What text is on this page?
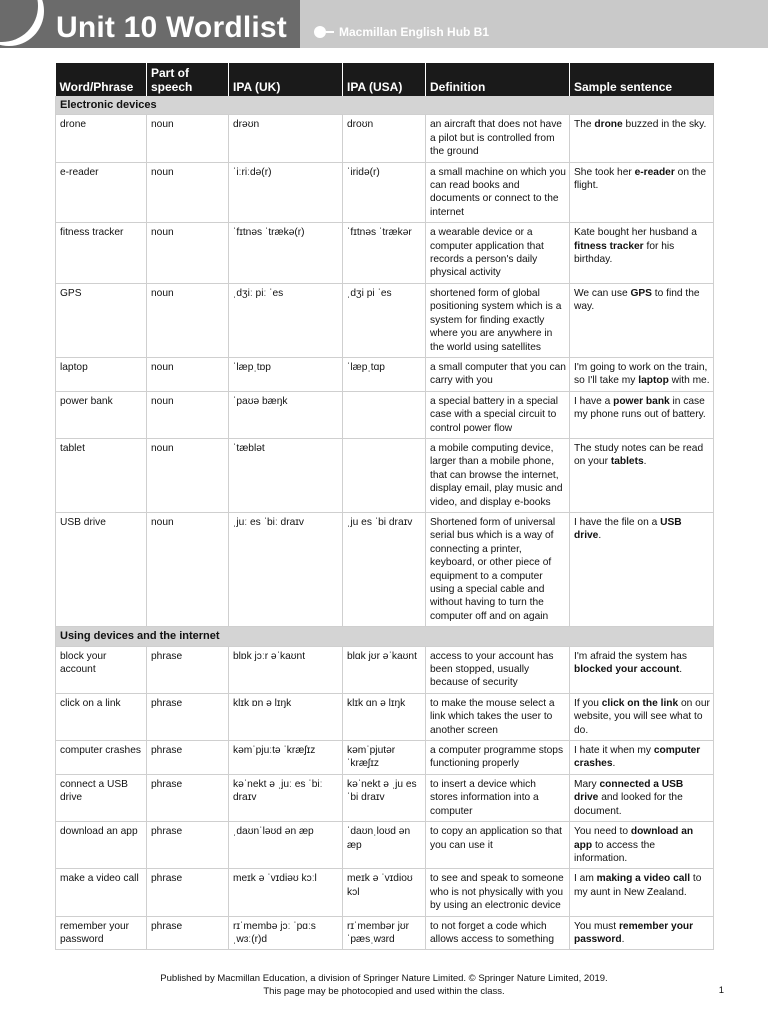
Unit 10 Wordlist	Macmillan English Hub B1
Word/Phrase	Part of speech	IPA (UK)	IPA (USA)	Definition	Sample sentence
Electronic devices					
drone	noun	drəʊn	droʊn	an aircraft that does not have a pilot but is controlled from the ground	The drone buzzed in the sky.
e-reader	noun	ˈiːriːdə(r)	ˈiridə(r)	a small machine on which you can read books and documents or connect to the internet	She took her e-reader on the flight.
fitness tracker	noun	ˈfɪtnəs ˈtrækə(r)	ˈfɪtnəs ˈtrækər	a wearable device or a computer application that records a person's daily physical activity	Kate bought her husband a fitness tracker for his birthday.
GPS	noun	ˌdʒiː piː ˈes	ˌdʒi pi ˈes	shortened form of global positioning system which is a system for finding exactly where you are anywhere in the world using satellites	We can use GPS to find the way.
laptop	noun	ˈlæpˌtɒp	ˈlæpˌtɑp	a small computer that you can carry with you	I'm going to work on the train, so I'll take my laptop with me.
power bank	noun	ˈpaʊə bæŋk		a special battery in a special case with a special circuit to control power flow	I have a power bank in case my phone runs out of battery.
tablet	noun	ˈtæblət		a mobile computing device, larger than a mobile phone, that can browse the internet, display email, play music and video, and display e-books	The study notes can be read on your tablets.
USB drive	noun	ˌjuː es ˈbiː draɪv	ˌju es ˈbi draɪv	Shortened form of universal serial bus which is a way of connecting a printer, keyboard, or other piece of equipment to a computer using a special cable and without having to turn the computer off and on again	I have the file on a USB drive.
Using devices and the internet					
block your account	phrase	blɒk jɔːr əˈkaʊnt	blɑk jʊr əˈkaʊnt	access to your account has been stopped, usually because of security	I'm afraid the system has blocked your account.
click on a link	phrase	klɪk ɒn ə lɪŋk	klɪk ɑn ə lɪŋk	to make the mouse select a link which takes the user to another screen	If you click on the link on our website, you will see what to do.
computer crashes	phrase	kəmˈpjuːtə ˈkræʃɪz	kəmˈpjutər ˈkræʃɪz	a computer programme stops functioning properly	I hate it when my computer crashes.
connect a USB drive	phrase	kəˈnekt ə ˌjuː es ˈbiː draɪv	kəˈnekt ə ˌju es ˈbi draɪv	to insert a device which stores information into a computer	Mary connected a USB drive and looked for the document.
download an app	phrase	ˌdaʊnˈləʊd ən æp	ˈdaʊnˌloʊd ən æp	to copy an application so that you can use it	You need to download an app to access the information.
make a video call	phrase	meɪk ə ˈvɪdiəʊ kɔːl	meɪk ə ˈvɪdioʊ kɔl	to see and speak to someone who is not physically with you by using an electronic device	I am making a video call to my aunt in New Zealand.
remember your password	phrase	rɪˈmembə jɔː ˈpɑːsˌwɜː(r)d	rɪˈmembər jʊr ˈpæsˌwɜrd	to not forget a code which allows access to something	You must remember your password.
Published by Macmillan Education, a division of Springer Nature Limited. © Springer Nature Limited, 2019.
This page may be photocopied and used within the class.	1
